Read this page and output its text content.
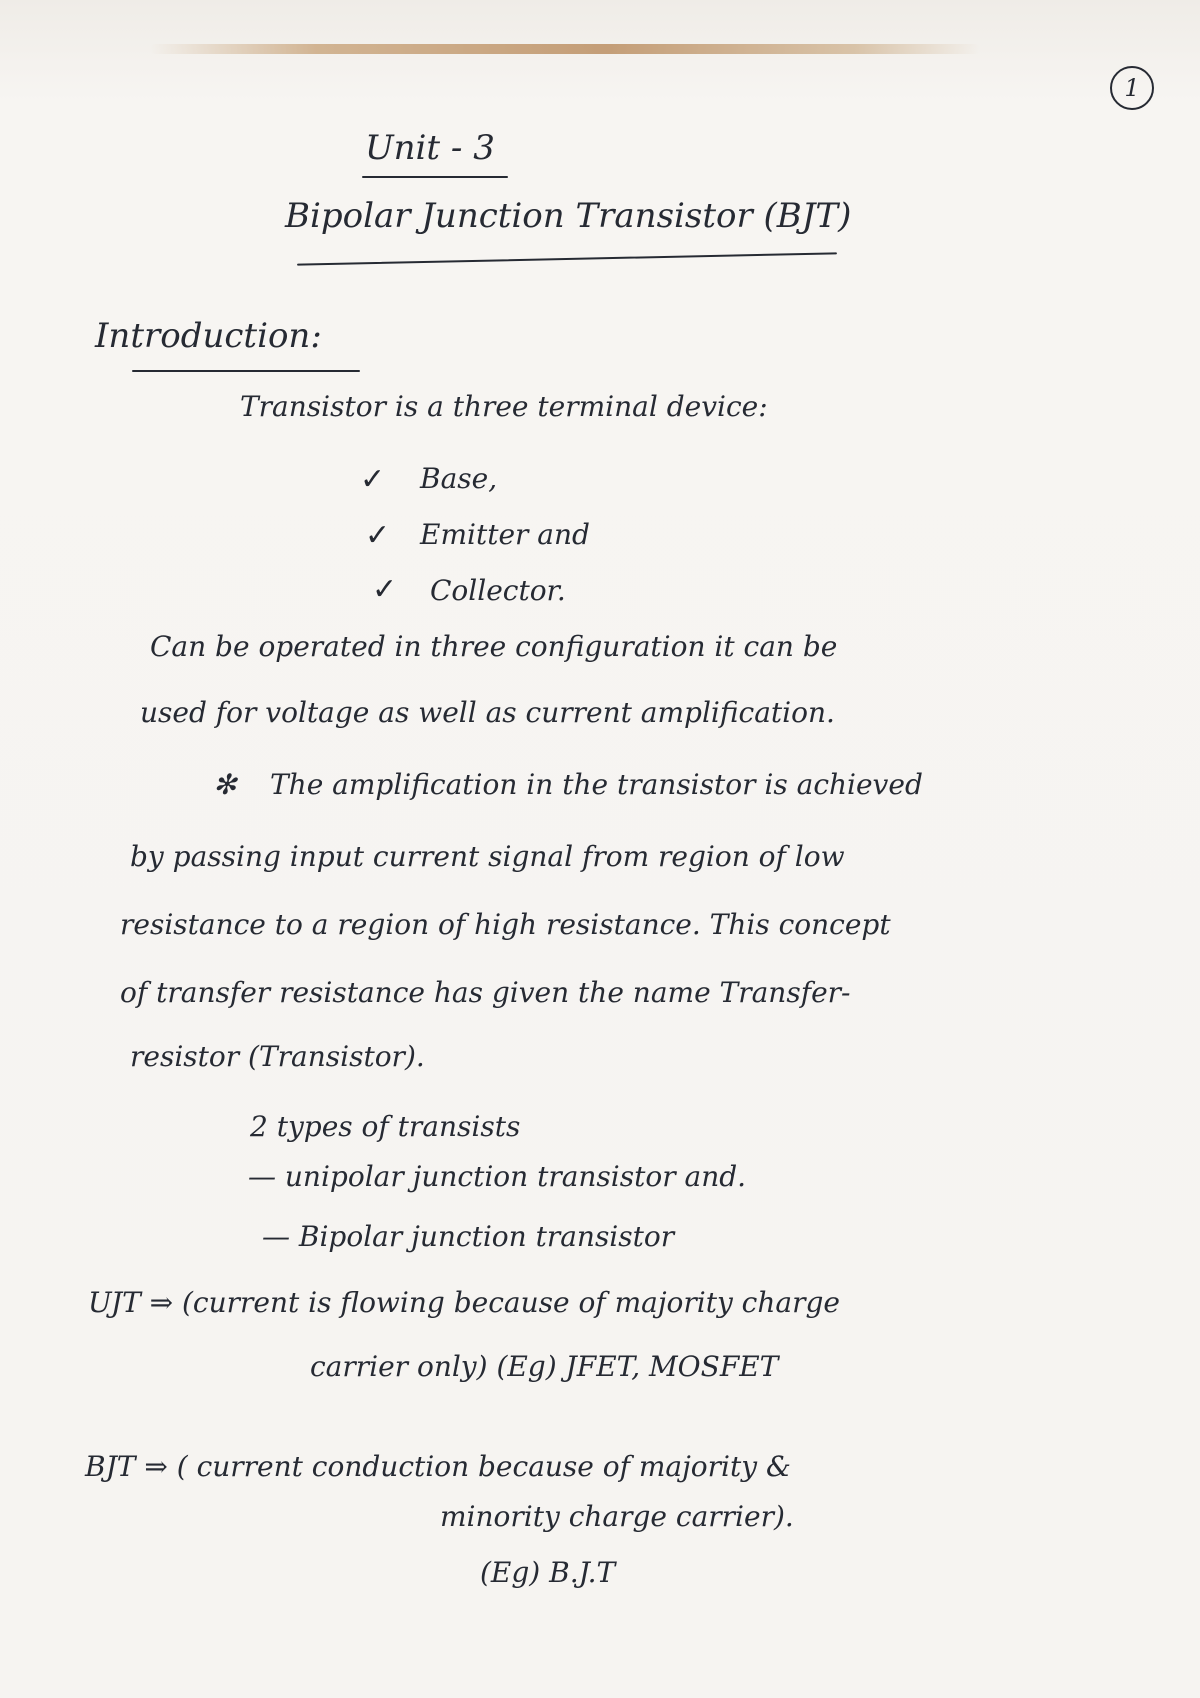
1
Unit - 3
Bipolar Junction Transistor (BJT)
Introduction:
Transistor is a three terminal device:
✓ Base,
✓ Emitter and
✓ Collector.
Can be operated in three configuration it can be
used for voltage as well as current amplification.
✻ The amplification in the transistor is achieved
by passing input current signal from region of low
resistance to a region of high resistance. This concept
of transfer resistance has given the name Transfer-
resistor (Transistor).
2 types of transists
— unipolar junction transistor and.
— Bipolar junction transistor
UJT ⇒ (current is flowing because of majority charge
carrier only) (Eg) JFET, MOSFET
BJT ⇒ ( current conduction because of majority &
minority charge carrier).
(Eg) B.J.T
